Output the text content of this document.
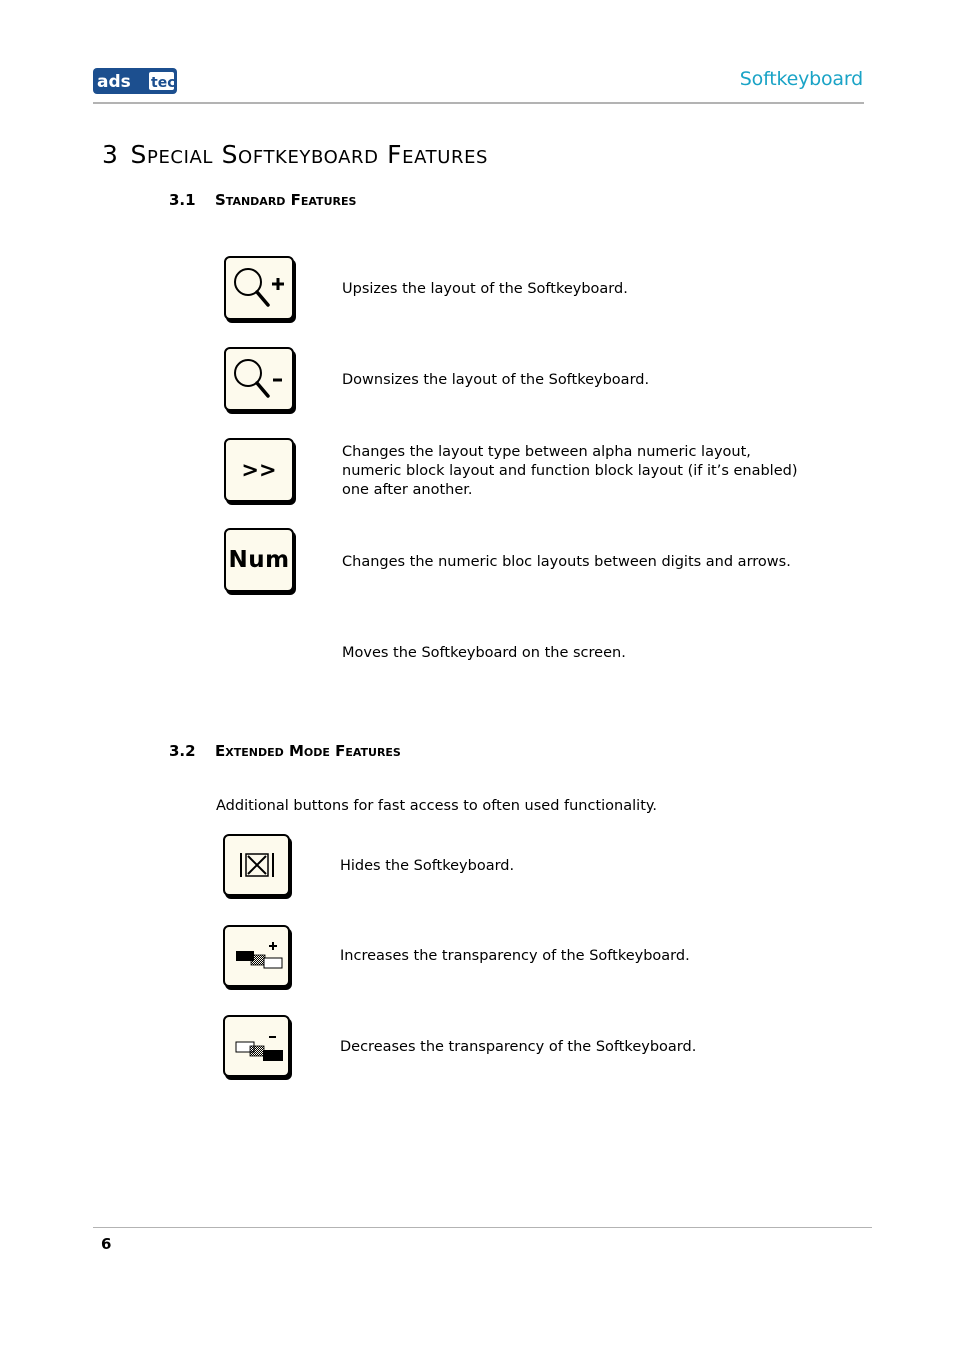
ads tec	Softkeyboard
3 Special Softkeyboard Features
3.1 Standard Features
Upsizes the layout of the Softkeyboard.
Downsizes the layout of the Softkeyboard.
>>
Changes the layout type between alpha numeric layout, numeric block layout and function block layout (if it’s enabled) one after another.
Num	Changes the numeric bloc layouts between digits and arrows.
Moves the Softkeyboard on the screen.
3.2 Extended Mode Features
Additional buttons for fast access to often used functionality.
Hides the Softkeyboard.
Increases the transparency of the Softkeyboard.
Decreases the transparency of the Softkeyboard.
6
